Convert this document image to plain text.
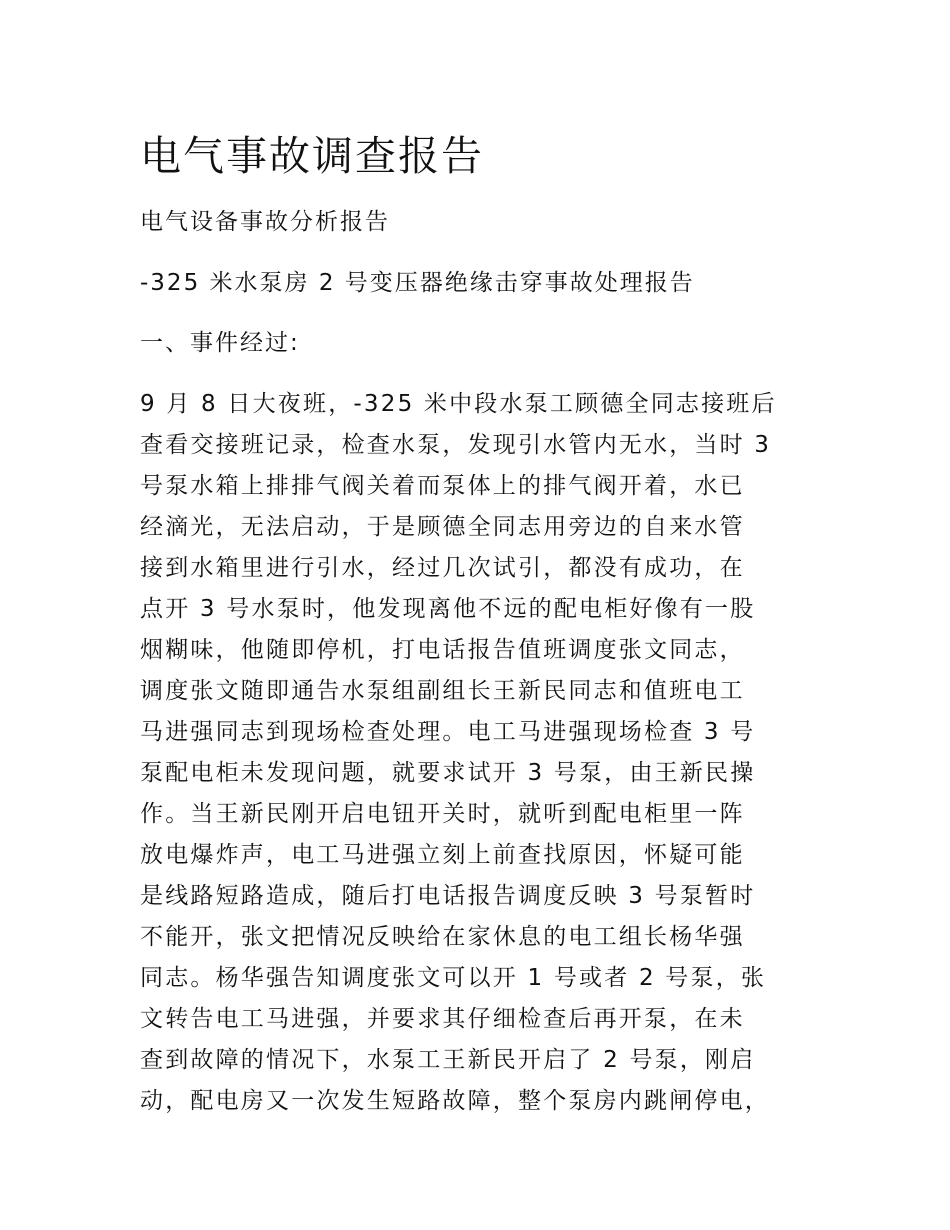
电气事故调查报告

电气设备事故分析报告

-325 米水泵房 2 号变压器绝缘击穿事故处理报告

一、事件经过:

9 月 8 日大夜班，-325 米中段水泵工顾德全同志接班后
查看交接班记录，检查水泵，发现引水管内无水，当时 3
号泵水箱上排排气阀关着而泵体上的排气阀开着，水已
经滴光，无法启动，于是顾德全同志用旁边的自来水管
接到水箱里进行引水，经过几次试引，都没有成功，在
点开 3 号水泵时，他发现离他不远的配电柜好像有一股
烟糊味，他随即停机，打电话报告值班调度张文同志，
调度张文随即通告水泵组副组长王新民同志和值班电工
马进强同志到现场检查处理。电工马进强现场检查 3 号
泵配电柜未发现问题，就要求试开 3 号泵，由王新民操
作。当王新民刚开启电钮开关时，就听到配电柜里一阵
放电爆炸声，电工马进强立刻上前查找原因，怀疑可能
是线路短路造成，随后打电话报告调度反映 3 号泵暂时
不能开，张文把情况反映给在家休息的电工组长杨华强
同志。杨华强告知调度张文可以开 1 号或者 2 号泵，张
文转告电工马进强，并要求其仔细检查后再开泵，在未
查到故障的情况下，水泵工王新民开启了 2 号泵，刚启
动，配电房又一次发生短路故障，整个泵房内跳闸停电，
